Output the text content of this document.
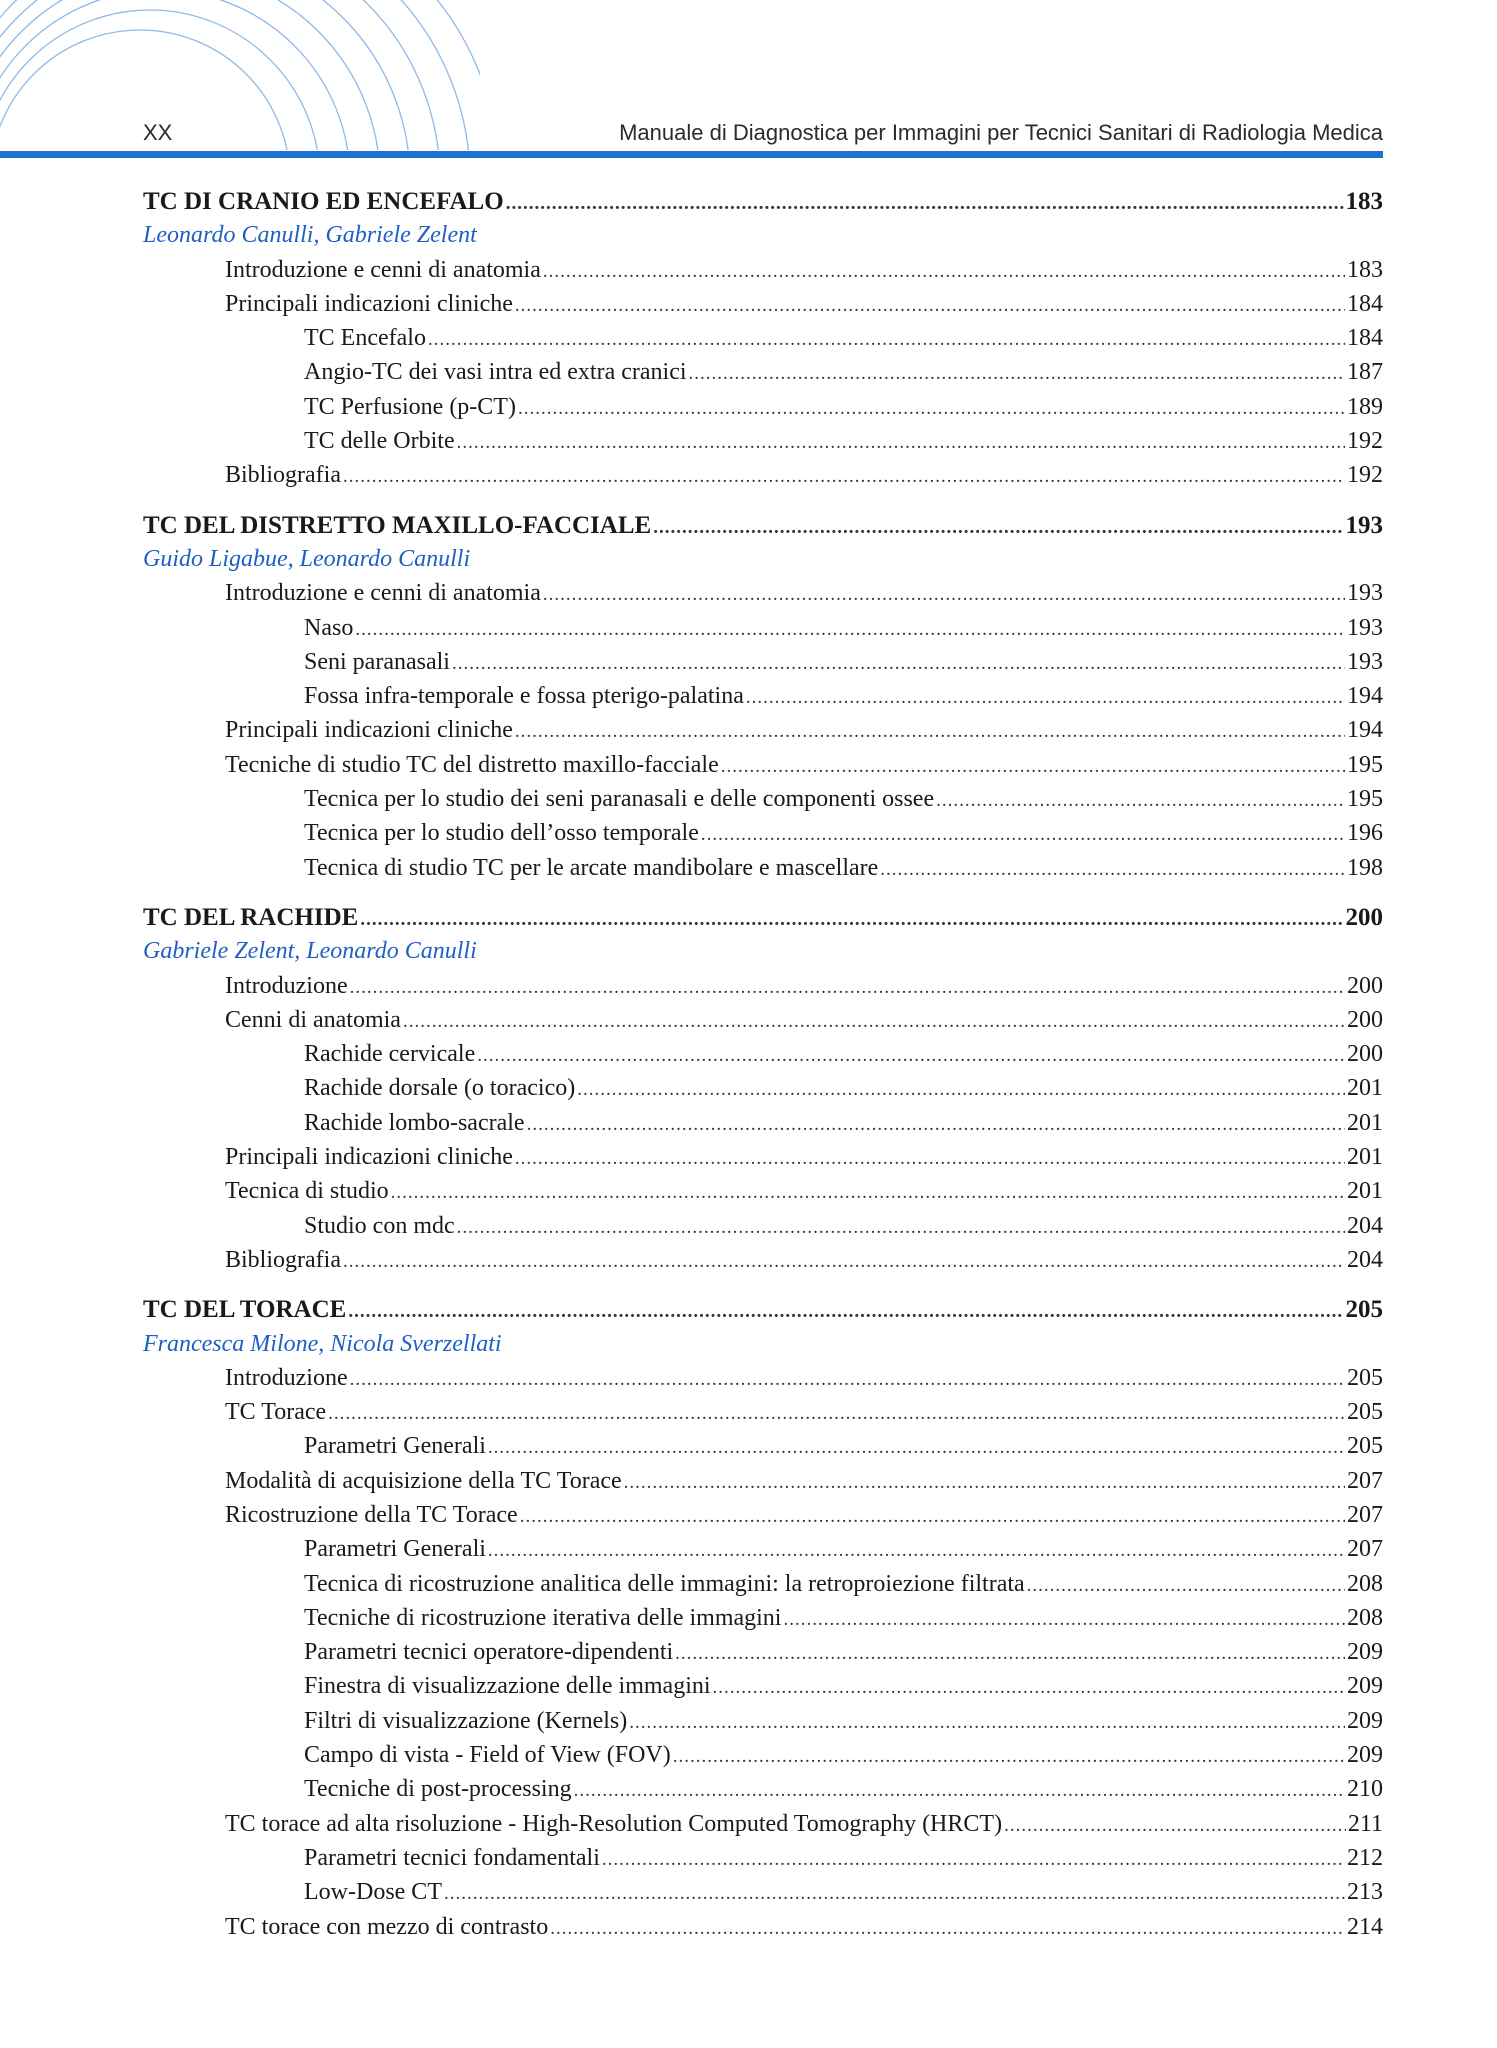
XX	Manuale di Diagnostica per Immagini per Tecnici Sanitari di Radiologia Medica
TC DI CRANIO ED ENCEFALO .....	183
Leonardo Canulli, Gabriele Zelent
Introduzione e cenni di anatomia .....	183
Principali indicazioni cliniche .....	184
TC Encefalo .....	184
Angio-TC dei vasi intra ed extra cranici .....	187
TC Perfusione (p-CT) .....	189
TC delle Orbite .....	192
Bibliografia .....	192
TC DEL DISTRETTO MAXILLO-FACCIALE .....	193
Guido Ligabue, Leonardo Canulli
Introduzione e cenni di anatomia .....	193
Naso .....	193
Seni paranasali .....	193
Fossa infra-temporale e fossa pterigo-palatina .....	194
Principali indicazioni cliniche .....	194
Tecniche di studio TC del distretto maxillo-facciale .....	195
Tecnica per lo studio dei seni paranasali e delle componenti ossee .....	195
Tecnica per lo studio dell’osso temporale .....	196
Tecnica di studio TC per le arcate mandibolare e mascellare .....	198
TC DEL RACHIDE .....	200
Gabriele Zelent, Leonardo Canulli
Introduzione .....	200
Cenni di anatomia .....	200
Rachide cervicale .....	200
Rachide dorsale (o toracico) .....	201
Rachide lombo-sacrale .....	201
Principali indicazioni cliniche .....	201
Tecnica di studio .....	201
Studio con mdc .....	204
Bibliografia .....	204
TC DEL TORACE .....	205
Francesca Milone, Nicola Sverzellati
Introduzione .....	205
TC Torace .....	205
Parametri Generali .....	205
Modalità di acquisizione della TC Torace .....	207
Ricostruzione della TC Torace .....	207
Parametri Generali .....	207
Tecnica di ricostruzione analitica delle immagini: la retroproiezione filtrata .....	208
Tecniche di ricostruzione iterativa delle immagini .....	208
Parametri tecnici operatore-dipendenti .....	209
Finestra di visualizzazione delle immagini .....	209
Filtri di visualizzazione (Kernels) .....	209
Campo di vista - Field of View (FOV) .....	209
Tecniche di post-processing .....	210
TC torace ad alta risoluzione - High-Resolution Computed Tomography (HRCT) .....	211
Parametri tecnici fondamentali .....	212
Low-Dose CT .....	213
TC torace con mezzo di contrasto .....	214
